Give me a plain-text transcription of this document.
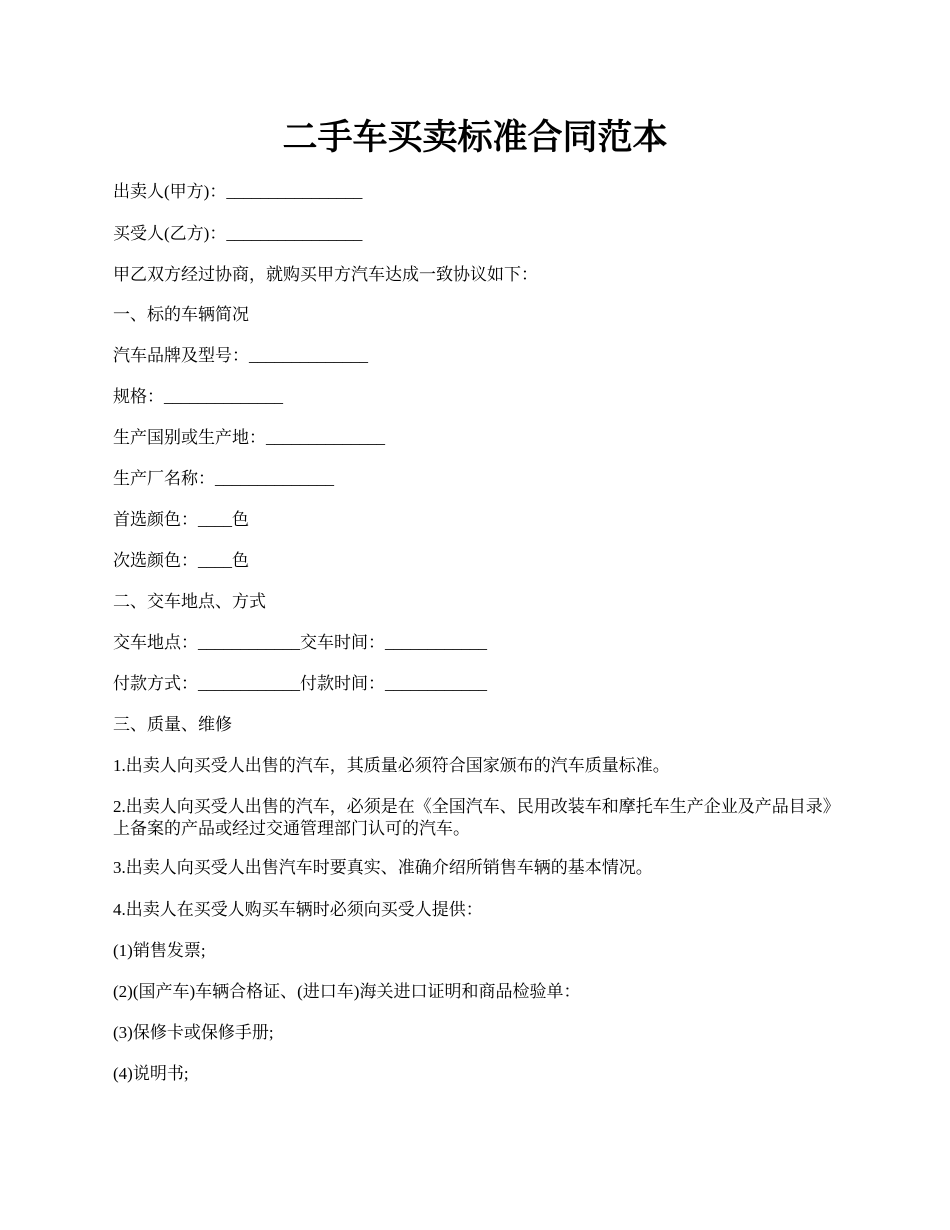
二手车买卖标准合同范本

出卖人(甲方)：________________

买受人(乙方)：________________

甲乙双方经过协商，就购买甲方汽车达成一致协议如下：

一、标的车辆简况

汽车品牌及型号：______________

规格：______________

生产国别或生产地：______________

生产厂名称：______________

首选颜色：____色

次选颜色：____色

二、交车地点、方式

交车地点：____________交车时间：____________

付款方式：____________付款时间：____________

三、质量、维修

1.出卖人向买受人出售的汽车，其质量必须符合国家颁布的汽车质量标准。

2.出卖人向买受人出售的汽车，必须是在《全国汽车、民用改装车和摩托车生产企业及产品目录》上备案的产品或经过交通管理部门认可的汽车。

3.出卖人向买受人出售汽车时要真实、准确介绍所销售车辆的基本情况。

4.出卖人在买受人购买车辆时必须向买受人提供：

(1)销售发票;

(2)(国产车)车辆合格证、(进口车)海关进口证明和商品检验单：

(3)保修卡或保修手册;

(4)说明书;
